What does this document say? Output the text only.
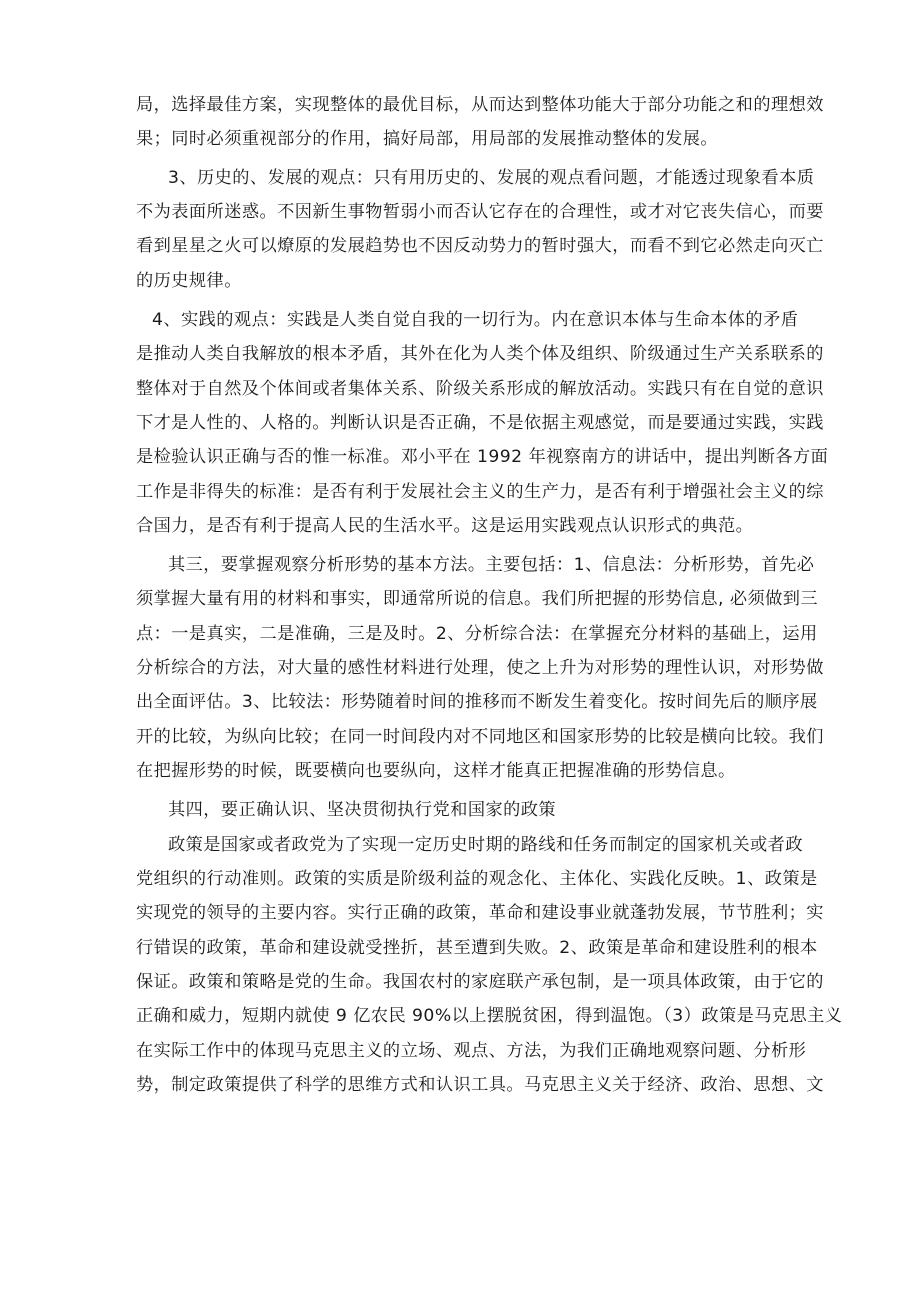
局，选择最佳方案，实现整体的最优目标，从而达到整体功能大于部分功能之和的理想效
果；同时必须重视部分的作用，搞好局部，用局部的发展推动整体的发展。
3、历史的、发展的观点：只有用历史的、发展的观点看问题，才能透过现象看本质
不为表面所迷惑。不因新生事物暂弱小而否认它存在的合理性，或才对它丧失信心，而要
看到星星之火可以燎原的发展趋势也不因反动势力的暂时强大，而看不到它必然走向灭亡
的历史规律。
4、实践的观点：实践是人类自觉自我的一切行为。内在意识本体与生命本体的矛盾
是推动人类自我解放的根本矛盾，其外在化为人类个体及组织、阶级通过生产关系联系的
整体对于自然及个体间或者集体关系、阶级关系形成的解放活动。实践只有在自觉的意识
下才是人性的、人格的。判断认识是否正确，不是依据主观感觉，而是要通过实践，实践
是检验认识正确与否的惟一标准。邓小平在 1992 年视察南方的讲话中，提出判断各方面
工作是非得失的标准：是否有利于发展社会主义的生产力，是否有利于增强社会主义的综
合国力，是否有利于提高人民的生活水平。这是运用实践观点认识形式的典范。
其三，要掌握观察分析形势的基本方法。主要包括：1、信息法：分析形势，首先必
须掌握大量有用的材料和事实，即通常所说的信息。我们所把握的形势信息, 必须做到三
点：一是真实，二是准确，三是及时。2、分析综合法：在掌握充分材料的基础上，运用
分析综合的方法，对大量的感性材料进行处理，使之上升为对形势的理性认识，对形势做
出全面评估。3、比较法：形势随着时间的推移而不断发生着变化。按时间先后的顺序展
开的比较，为纵向比较；在同一时间段内对不同地区和国家形势的比较是横向比较。我们
在把握形势的时候，既要横向也要纵向，这样才能真正把握准确的形势信息。
其四，要正确认识、坚决贯彻执行党和国家的政策
政策是国家或者政党为了实现一定历史时期的路线和任务而制定的国家机关或者政
党组织的行动准则。政策的实质是阶级利益的观念化、主体化、实践化反映。1、政策是
实现党的领导的主要内容。实行正确的政策，革命和建设事业就蓬勃发展，节节胜利；实
行错误的政策，革命和建设就受挫折，甚至遭到失败。2、政策是革命和建设胜利的根本
保证。政策和策略是党的生命。我国农村的家庭联产承包制，是一项具体政策，由于它的
正确和威力，短期内就使 9 亿农民 90%以上摆脱贫困，得到温饱。（3）政策是马克思主义
在实际工作中的体现马克思主义的立场、观点、方法，为我们正确地观察问题、分析形
势，制定政策提供了科学的思维方式和认识工具。马克思主义关于经济、政治、思想、文
